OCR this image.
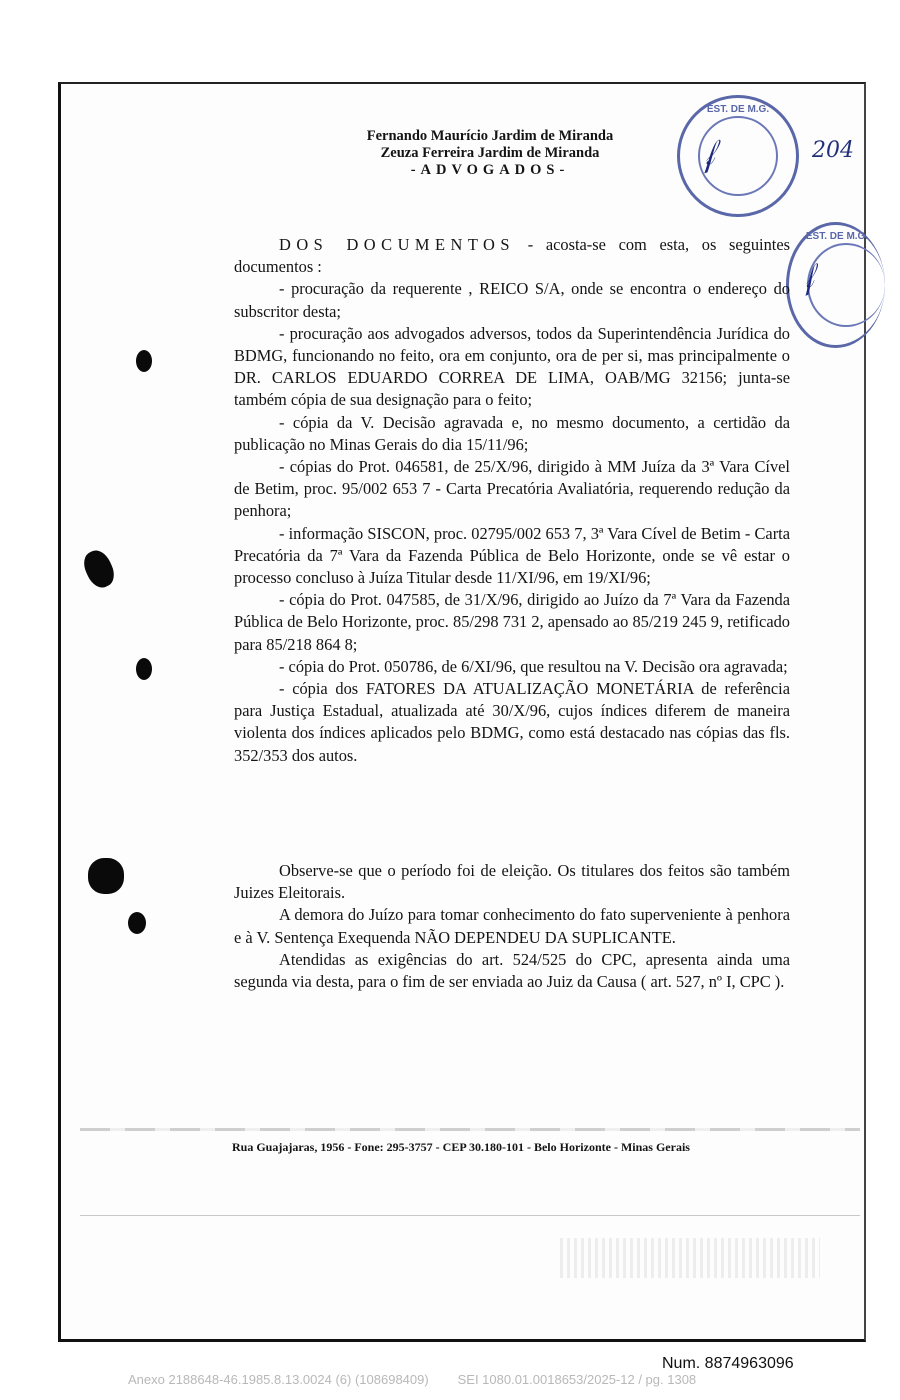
Fernando Maurício Jardim de Miranda
Zeuza Ferreira Jardim de Miranda
-ADVOGADOS-
EST. DE M.G.
𝒻	204
EST. DE M.G.
𝒻

DOS DOCUMENTOS - acosta-se com esta, os seguintes documentos :

- procuração da requerente , REICO S/A, onde se encontra o endereço do subscritor desta;

- procuração aos advogados adversos, todos da Superintendência Jurídica do BDMG, funcionando no feito, ora em conjunto, ora de per si, mas principalmente o DR. CARLOS EDUARDO CORREA DE LIMA, OAB/MG 32156; junta-se também cópia de sua designação para o feito;

- cópia da V. Decisão agravada e, no mesmo documento, a certidão da publicação no Minas Gerais do dia 15/11/96;

- cópias do Prot. 046581, de 25/X/96, dirigido à MM Juíza da 3ª Vara Cível de Betim, proc. 95/002 653 7 - Carta Precatória Avaliatória, requerendo redução da penhora;

- informação SISCON, proc. 02795/002 653 7, 3ª Vara Cível de Betim - Carta Precatória da 7ª Vara da Fazenda Pública de Belo Horizonte, onde se vê estar o processo concluso à Juíza Titular desde 11/XI/96, em 19/XI/96;

- cópia do Prot. 047585, de 31/X/96, dirigido ao Juízo da 7ª Vara da Fazenda Pública de Belo Horizonte, proc. 85/298 731 2, apensado ao 85/219 245 9, retificado para 85/218 864 8;

- cópia do Prot. 050786, de 6/XI/96, que resultou na V. Decisão ora agravada;

- cópia dos FATORES DA ATUALIZAÇÃO MONETÁRIA de referência para Justiça Estadual, atualizada até 30/X/96, cujos índices diferem de maneira violenta dos índices aplicados pelo BDMG, como está destacado nas cópias das fls. 352/353 dos autos.

Observe-se que o período foi de eleição. Os titulares dos feitos são também Juizes Eleitorais.

A demora do Juízo para tomar conhecimento do fato superveniente à penhora e à V. Sentença Exequenda NÃO DEPENDEU DA SUPLICANTE.

Atendidas as exigências do art. 524/525 do CPC, apresenta ainda uma segunda via desta, para o fim de ser enviada ao Juiz da Causa ( art. 527, nº I, CPC ).

Rua Guajajaras, 1956 - Fone: 295-3757 - CEP 30.180-101 - Belo Horizonte - Minas Gerais
Num. 8874963096
Anexo 2188648-46.1985.8.13.0024 (6) (108698409) SEI 1080.01.0018653/2025-12 / pg. 1308
